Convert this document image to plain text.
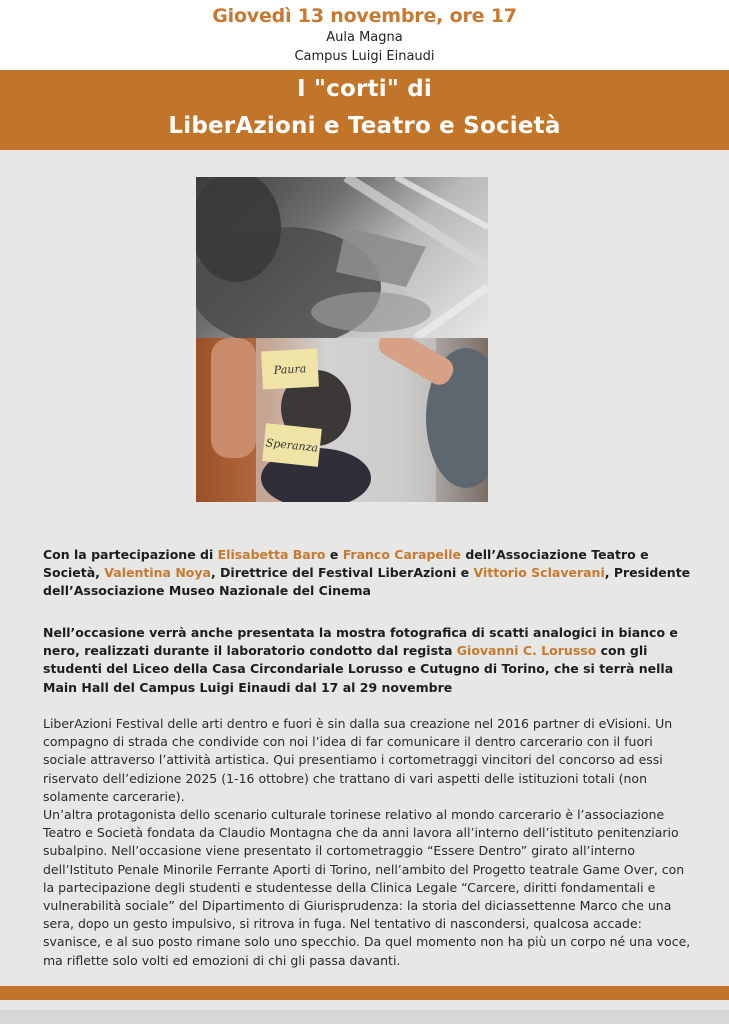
Giovedì 13 novembre, ore 17
Aula Magna
Campus Luigi Einaudi
I "corti" di
LiberAzioni e Teatro e Società
Paura
Speranza

Con la partecipazione di Elisabetta Baro e Franco Carapelle dell’Associazione Teatro e Società, Valentina Noya, Direttrice del Festival LiberAzioni e Vittorio Sclaverani, Presidente dell’Associazione Museo Nazionale del Cinema

Nell’occasione verrà anche presentata la mostra fotografica di scatti analogici in bianco e nero, realizzati durante il laboratorio condotto dal regista Giovanni C. Lorusso con gli studenti del Liceo della Casa Circondariale Lorusso e Cutugno di Torino, che si terrà nella Main Hall del Campus Luigi Einaudi dal 17 al 29 novembre

LiberAzioni Festival delle arti dentro e fuori è sin dalla sua creazione nel 2016 partner di eVisioni. Un compagno di strada che condivide con noi l’idea di far comunicare il dentro carcerario con il fuori sociale attraverso l’attività artistica. Qui presentiamo i cortometraggi vincitori del concorso ad essi riservato dell’edizione 2025 (1-16 ottobre) che trattano di vari aspetti delle istituzioni totali (non solamente carcerarie).
Un’altra protagonista dello scenario culturale torinese relativo al mondo carcerario è l’associazione Teatro e Società fondata da Claudio Montagna che da anni lavora all’interno dell’istituto penitenziario subalpino. Nell’occasione viene presentato il cortometraggio “Essere Dentro” girato all’interno dell’Istituto Penale Minorile Ferrante Aporti di Torino, nell’ambito del Progetto teatrale Game Over, con la partecipazione degli studenti e studentesse della Clinica Legale “Carcere, diritti fondamentali e vulnerabilità sociale” del Dipartimento di Giurisprudenza: la storia del diciassettenne Marco che una sera, dopo un gesto impulsivo, si ritrova in fuga. Nel tentativo di nascondersi, qualcosa accade: svanisce, e al suo posto rimane solo uno specchio. Da quel momento non ha più un corpo né una voce, ma riflette solo volti ed emozioni di chi gli passa davanti.
